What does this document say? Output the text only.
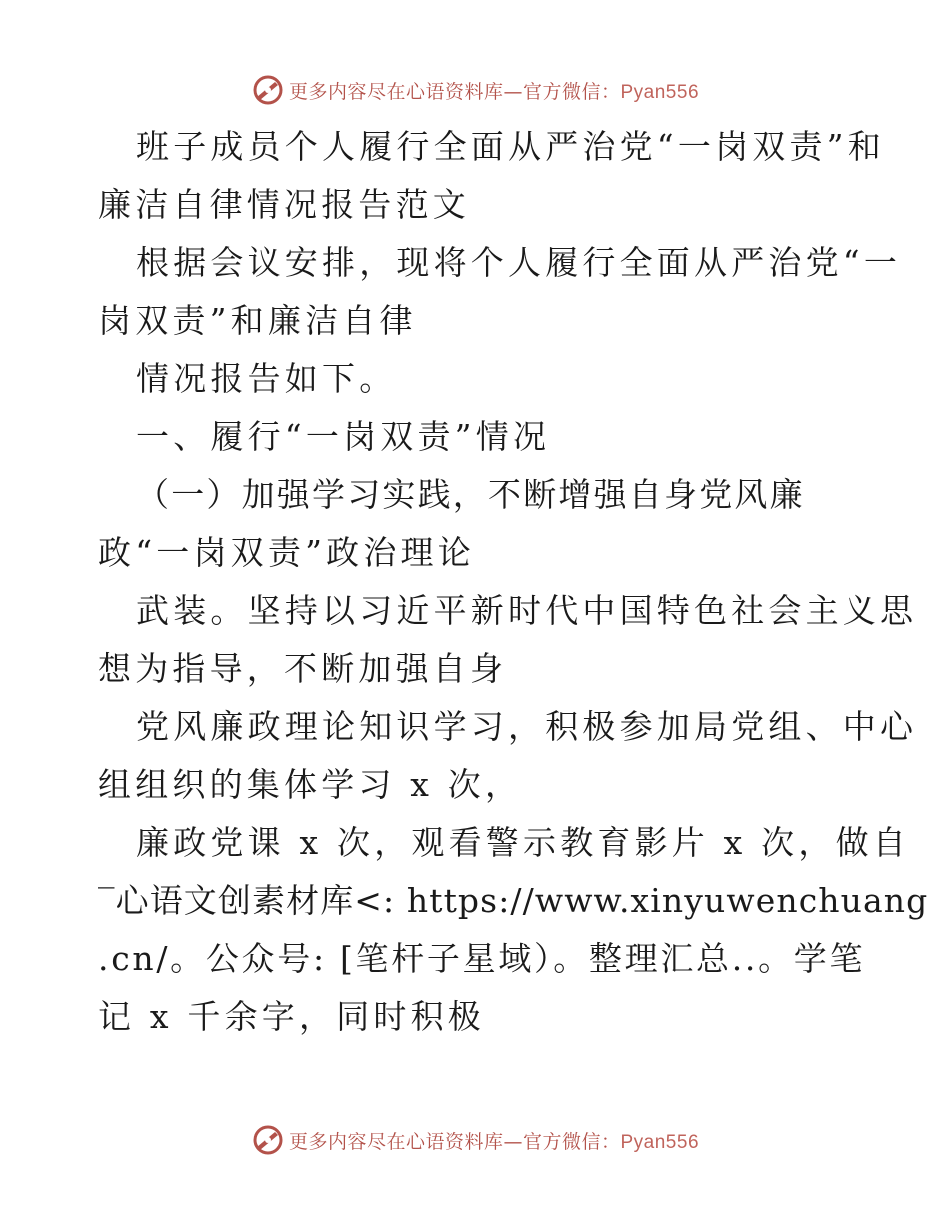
更多内容尽在心语资料库—官方微信：Pyan556
班子成员个人履行全面从严治党“一岗双责”和
廉洁自律情况报告范文
根据会议安排，现将个人履行全面从严治党“一
岗双责”和廉洁自律
情况报告如下。
一、履行“一岗双责”情况
（一）加强学习实践，不断增强自身党风廉
政“一岗双责”政治理论
武装。坚持以习近平新时代中国特色社会主义思
想为指导，不断加强自身
党风廉政理论知识学习，积极参加局党组、中心
组组织的集体学习 x 次，
廉政党课 x 次，观看警示教育影片 x 次，做自
‾心语文创素材库<: https://www.xinyuwenchuang
.cn/。公众号: [笔杆子星域）。整理汇总..。学笔
记 x 千余字，同时积极
更多内容尽在心语资料库—官方微信：Pyan556
